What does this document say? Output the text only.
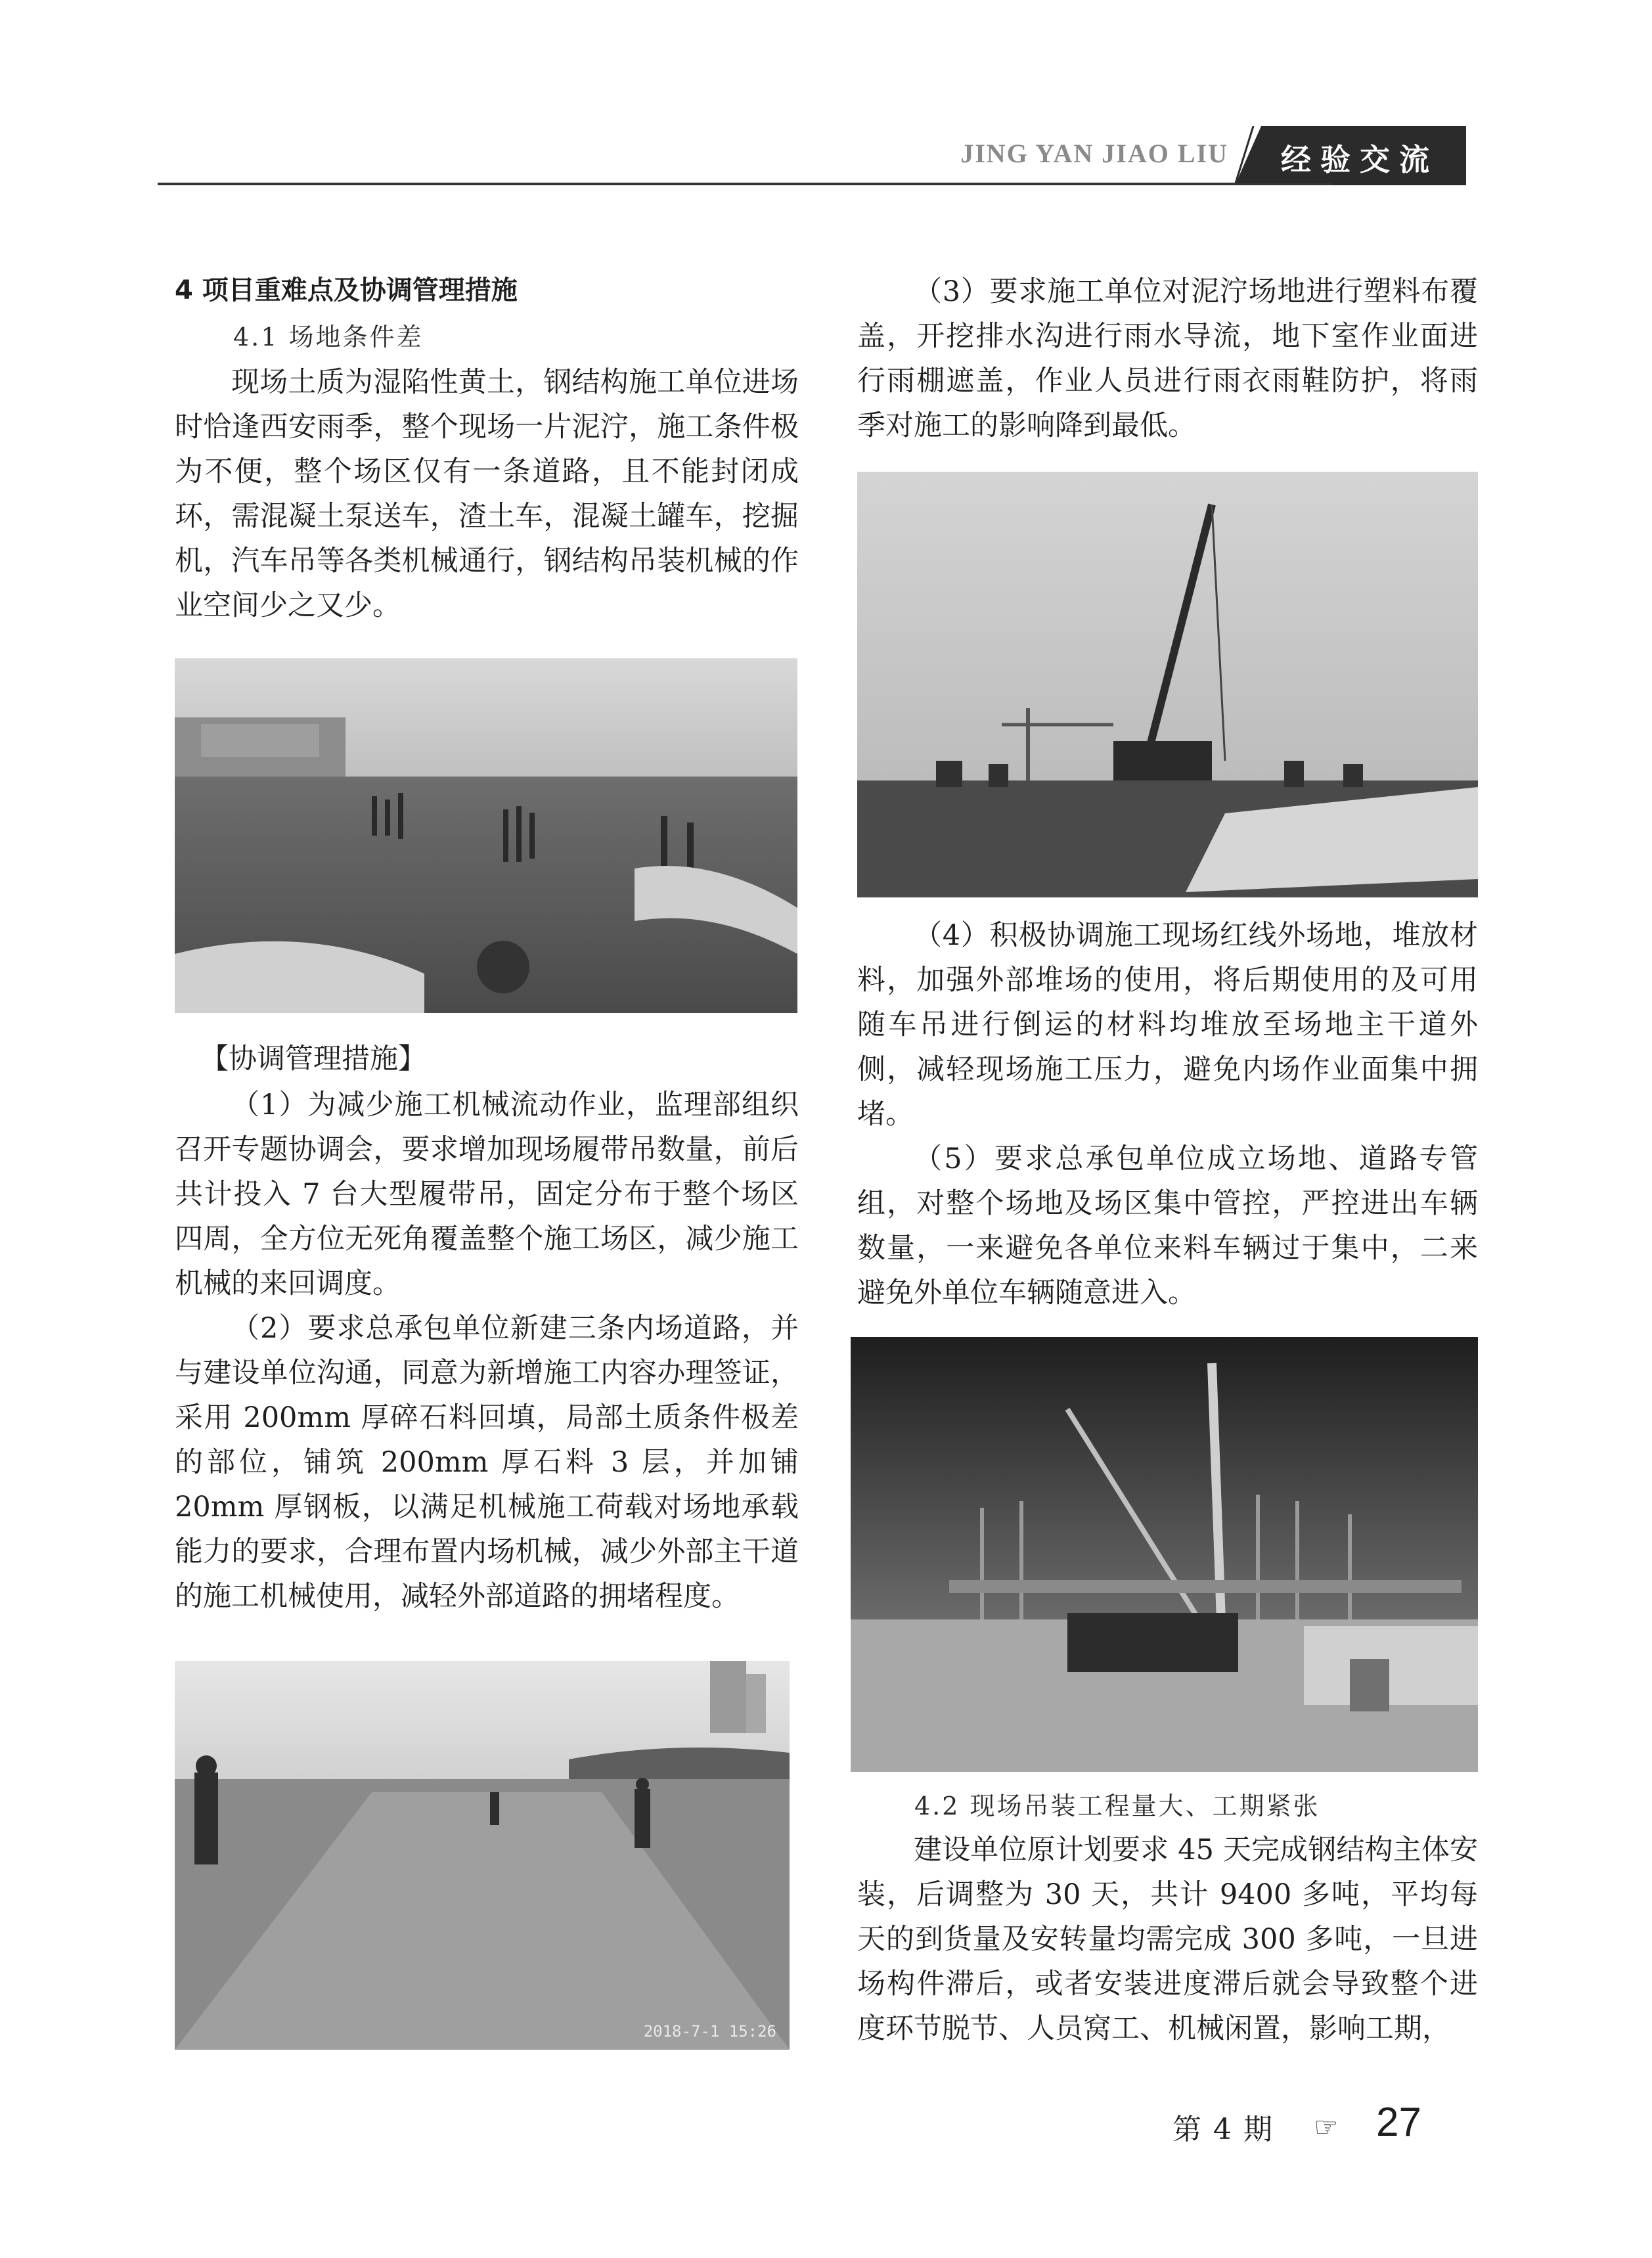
JING YAN JIAO LIU 经验交流
4 项目重难点及协调管理措施
4.1 场地条件差

现场土质为湿陷性黄土，钢结构施工单位进场时恰逢西安雨季，整个现场一片泥泞，施工条件极为不便，整个场区仅有一条道路，且不能封闭成环，需混凝土泵送车，渣土车，混凝土罐车，挖掘机，汽车吊等各类机械通行，钢结构吊装机械的作业空间少之又少。

【协调管理措施】

（1）为减少施工机械流动作业，监理部组织召开专题协调会，要求增加现场履带吊数量，前后共计投入 7 台大型履带吊，固定分布于整个场区四周，全方位无死角覆盖整个施工场区，减少施工机械的来回调度。

（2）要求总承包单位新建三条内场道路，并与建设单位沟通，同意为新增施工内容办理签证，采用 200mm 厚碎石料回填，局部土质条件极差的部位，铺筑 200mm 厚石料 3 层，并加铺 20mm 厚钢板，以满足机械施工荷载对场地承载能力的要求，合理布置内场机械，减少外部主干道的施工机械使用，减轻外部道路的拥堵程度。

2018-7-1 15:26

（3）要求施工单位对泥泞场地进行塑料布覆盖，开挖排水沟进行雨水导流，地下室作业面进行雨棚遮盖，作业人员进行雨衣雨鞋防护，将雨季对施工的影响降到最低。

（4）积极协调施工现场红线外场地，堆放材料，加强外部堆场的使用，将后期使用的及可用随车吊进行倒运的材料均堆放至场地主干道外侧，减轻现场施工压力，避免内场作业面集中拥堵。

（5）要求总承包单位成立场地、道路专管组，对整个场地及场区集中管控，严控进出车辆数量，一来避免各单位来料车辆过于集中，二来避免外单位车辆随意进入。

4.2 现场吊装工程量大、工期紧张

建设单位原计划要求 45 天完成钢结构主体安装，后调整为 30 天，共计 9400 多吨，平均每天的到货量及安转量均需完成 300 多吨，一旦进场构件滞后，或者安装进度滞后就会导致整个进度环节脱节、人员窝工、机械闲置，影响工期，

第 4 期 ☞ 27
